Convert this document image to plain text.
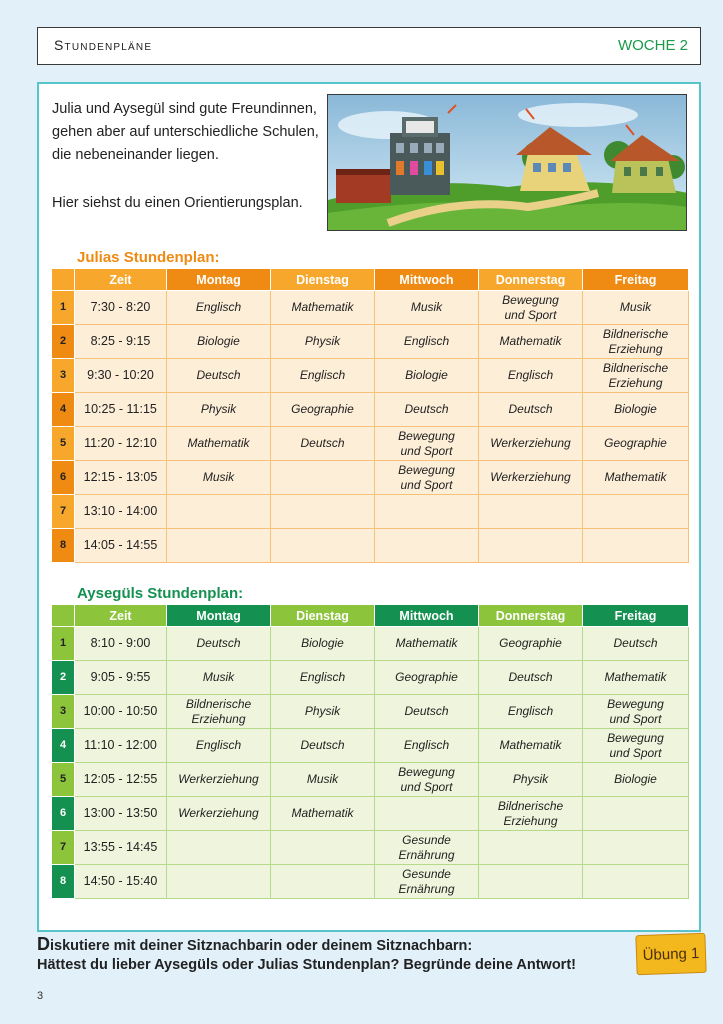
Stundenpläne	WOCHE 2

Julia und Aysegül sind gute Freundinnen, gehen aber auf unterschiedliche Schulen, die nebeneinander liegen.

Hier siehst du einen Orientierungsplan.

Julias Stundenplan:
	Zeit	Montag	Dienstag	Mittwoch	Donnerstag	Freitag
1	7:30 - 8:20	Englisch	Mathematik	Musik	Bewegung
und Sport	Musik
2	8:25 - 9:15	Biologie	Physik	Englisch	Mathematik	Bildnerische
Erziehung
3	9:30 - 10:20	Deutsch	Englisch	Biologie	Englisch	Bildnerische
Erziehung
4	10:25 - 11:15	Physik	Geographie	Deutsch	Deutsch	Biologie
5	11:20 - 12:10	Mathematik	Deutsch	Bewegung
und Sport	Werkerziehung	Geographie
6	12:15 - 13:05	Musik		Bewegung
und Sport	Werkerziehung	Mathematik
7	13:10 - 14:00					
8	14:05 - 14:55					
Aysegüls Stundenplan:
	Zeit	Montag	Dienstag	Mittwoch	Donnerstag	Freitag
1	8:10 - 9:00	Deutsch	Biologie	Mathematik	Geographie	Deutsch
2	9:05 - 9:55	Musik	Englisch	Geographie	Deutsch	Mathematik
3	10:00 - 10:50	Bildnerische
Erziehung	Physik	Deutsch	Englisch	Bewegung
und Sport
4	11:10 - 12:00	Englisch	Deutsch	Englisch	Mathematik	Bewegung
und Sport
5	12:05 - 12:55	Werkerziehung	Musik	Bewegung
und Sport	Physik	Biologie
6	13:00 - 13:50	Werkerziehung	Mathematik		Bildnerische
Erziehung	
7	13:55 - 14:45			Gesunde
Ernährung		
8	14:50 - 15:40			Gesunde
Ernährung		
Diskutiere mit deiner Sitznachbarin oder deinem Sitznachbarn:
Hättest du lieber Aysegüls oder Julias Stundenplan? Begründe deine Antwort!
Übung 1
3
